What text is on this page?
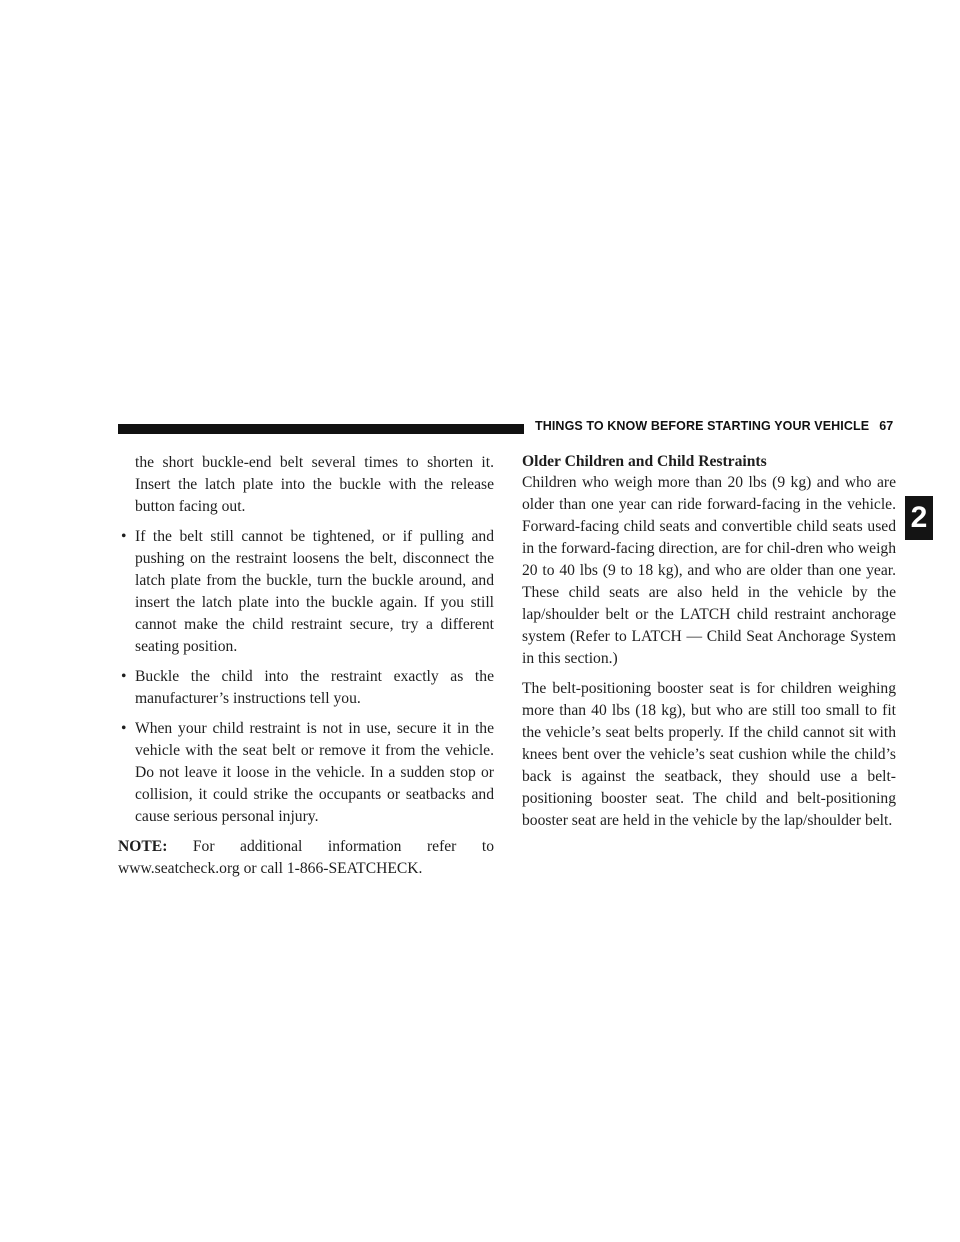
THINGS TO KNOW BEFORE STARTING YOUR VEHICLE 67
2

the short buckle-end belt several times to shorten it. Insert the latch plate into the buckle with the release button facing out.

• If the belt still cannot be tightened, or if pulling and pushing on the restraint loosens the belt, disconnect the latch plate from the buckle, turn the buckle around, and insert the latch plate into the buckle again. If you still cannot make the child restraint secure, try a different seating position.
• Buckle the child into the restraint exactly as the manufacturer’s instructions tell you.
• When your child restraint is not in use, secure it in the vehicle with the seat belt or remove it from the vehicle. Do not leave it loose in the vehicle. In a sudden stop or collision, it could strike the occupants or seatbacks and cause serious personal injury.

NOTE: For additional information refer to

www.seatcheck.org or call 1-866-SEATCHECK.

Older Children and Child Restraints

Children who weigh more than 20 lbs (9 kg) and who are older than one year can ride forward-facing in the vehicle. Forward-facing child seats and convertible child seats used in the forward-facing direction, are for chil-dren who weigh 20 to 40 lbs (9 to 18 kg), and who are older than one year. These child seats are also held in the vehicle by the lap/shoulder belt or the LATCH child restraint anchorage system (Refer to LATCH — Child Seat Anchorage System in this section.)

The belt-positioning booster seat is for children weighing more than 40 lbs (18 kg), but who are still too small to fit the vehicle’s seat belts properly. If the child cannot sit with knees bent over the vehicle’s seat cushion while the child’s back is against the seatback, they should use a belt-positioning booster seat. The child and belt-positioning booster seat are held in the vehicle by the lap/shoulder belt.
